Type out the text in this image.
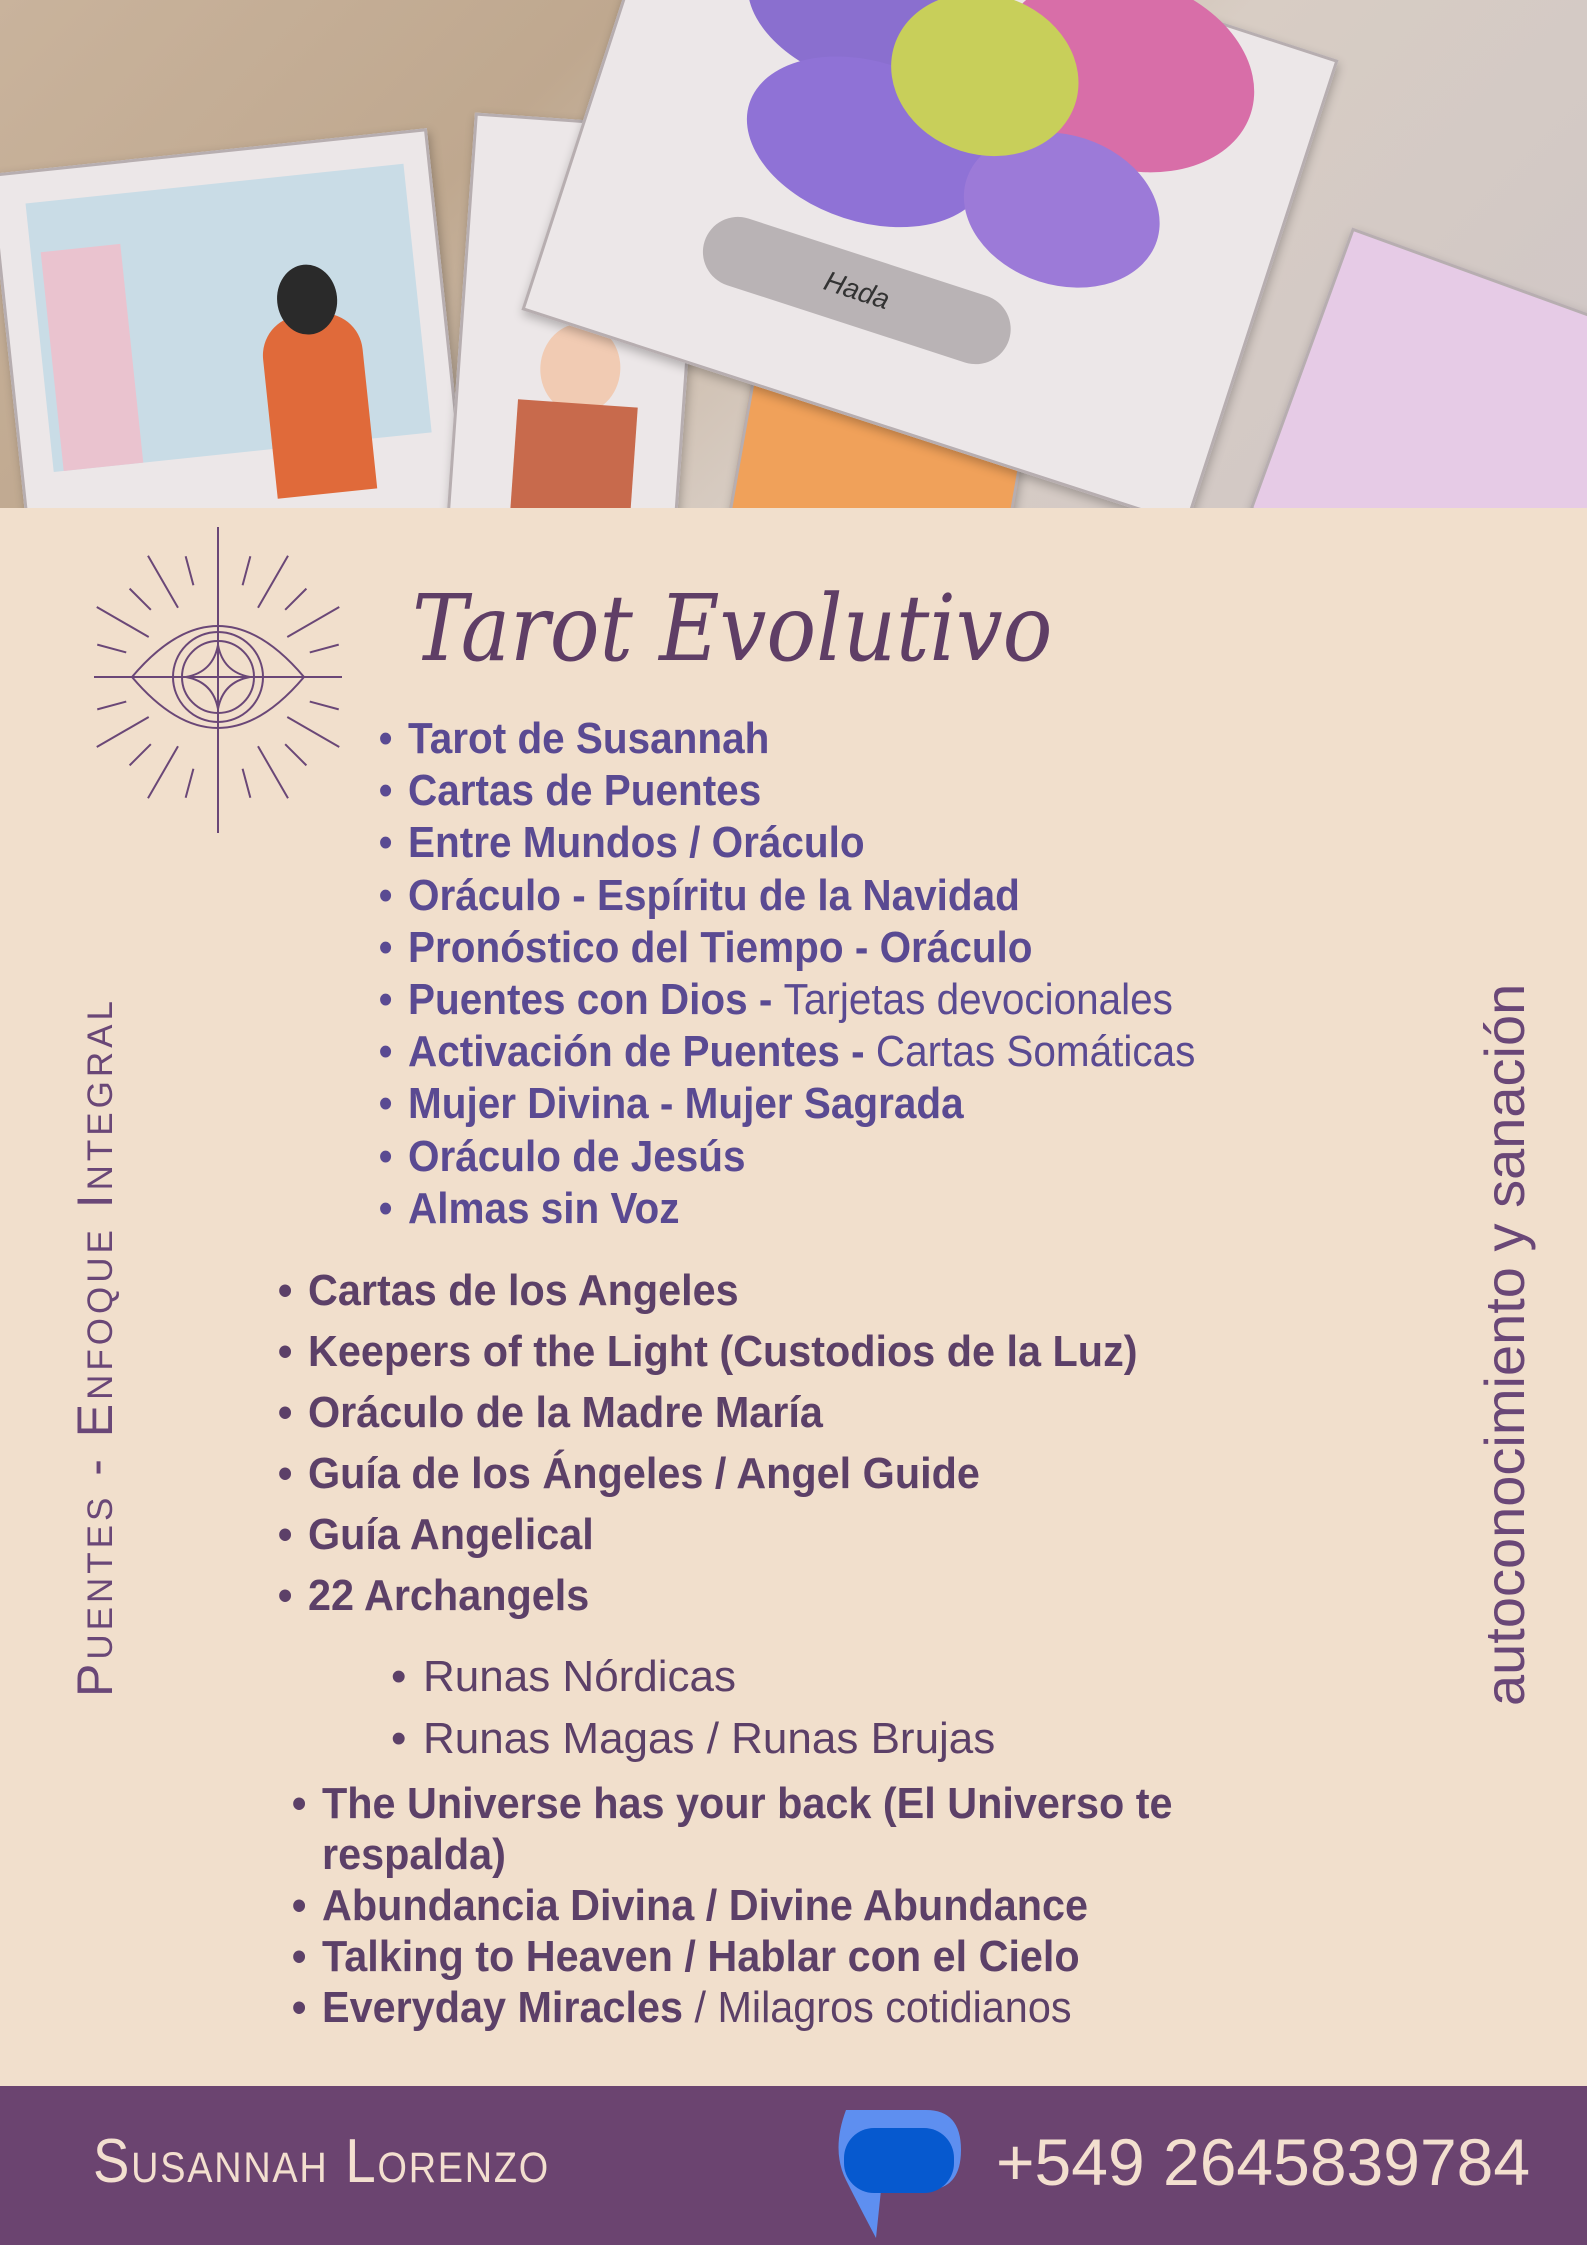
Hada
Tarot Evolutivo
• Tarot de Susannah
• Cartas de Puentes
• Entre Mundos / Oráculo
• Oráculo - Espíritu de la Navidad
• Pronóstico del Tiempo - Oráculo
• Puentes con Dios - Tarjetas devocionales
• Activación de Puentes - Cartas Somáticas
• Mujer Divina - Mujer Sagrada
• Oráculo de Jesús
• Almas sin Voz
• Cartas de los Angeles
• Keepers of the Light (Custodios de la Luz)
• Oráculo de la Madre María
• Guía de los Ángeles / Angel Guide
• Guía Angelical
• 22 Archangels
• Runas Nórdicas
• Runas Magas / Runas Brujas
• The Universe has your back (El Universo te
respalda)
• Abundancia Divina / Divine Abundance
• Talking to Heaven / Hablar con el Cielo
• Everyday Miracles / Milagros cotidianos
Puentes - Enfoque Integral	autoconocimiento y sanación
Susannah Lorenzo	+549 2645839784
